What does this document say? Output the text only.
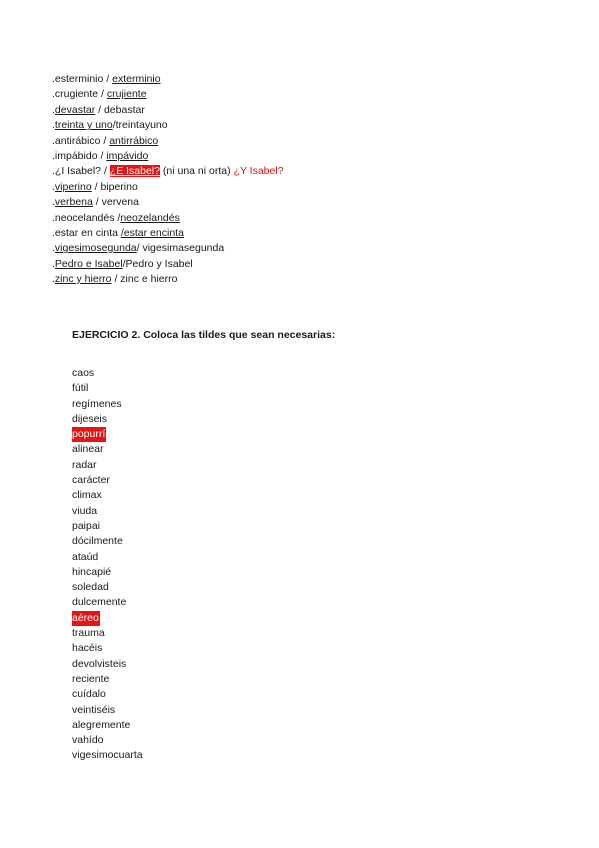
.esterminio / exterminio
.crugiente / crujiente
.devastar / debastar
.treinta y uno/treintayuno
.antirábico / antirrábico
.impábido / impávido
.¿I Isabel? / ¿E Isabel? (ni una ni orta) ¿Y Isabel?
.viperino / biperino
.verbena / vervena
.neocelandés /neozelandés
.estar en cinta /estar encinta
.vigesimosegunda/ vigesimasegunda
.Pedro e Isabel/Pedro y Isabel
.zinc y hierro / zinc e hierro
EJERCICIO 2. Coloca las tildes que sean necesarias:
caos
fútil
regímenes
dijeseis
popurrí
alinear
radar
carácter
climax
viuda
paipai
dócilmente
ataúd
hincapié
soledad
dulcemente
aéreo
trauma
hacéis
devolvisteis
reciente
cuídalo
veintiséis
alegremente
vahído
vigesimocuarta
